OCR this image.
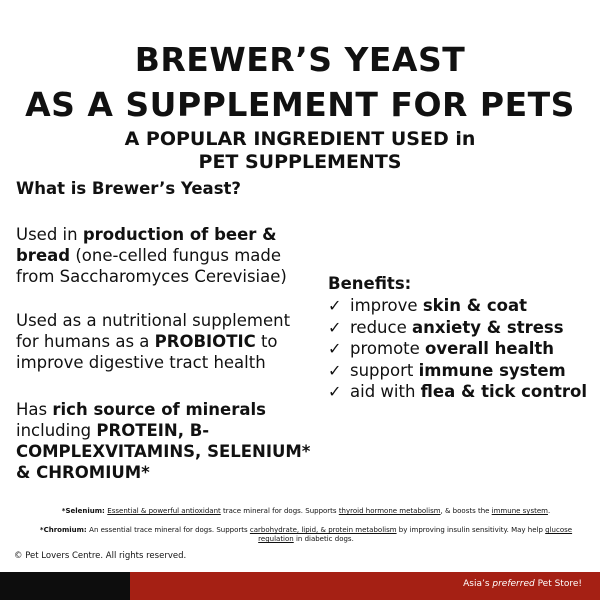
BREWER’S YEAST
AS A SUPPLEMENT FOR PETS
A POPULAR INGREDIENT USED in
PET SUPPLEMENTS

What is Brewer’s Yeast?

Used in production of beer & bread (one-celled fungus made from Saccharomyces Cerevisiae)

Used as a nutritional supplement for humans as a PROBIOTIC to improve digestive tract health

Has rich source of minerals including PROTEIN, B-COMPLEXVITAMINS, SELENIUM* & CHROMIUM*

Benefits:

✓ improve
skin & coat
✓ reduce
anxiety & stress
✓ promote
overall health
✓ support
immune system
✓ aid with
flea & tick control

*Selenium: Essential & powerful antioxidant trace mineral for dogs. Supports thyroid hormone metabolism, & boosts the immune system.

*Chromium: An essential trace mineral for dogs. Supports carbohydrate, lipid, & protein metabolism by improving insulin sensitivity. May help glucose regulation in diabetic dogs.

© Pet Lovers Centre. All rights reserved.
Asia’s preferred Pet Store!
